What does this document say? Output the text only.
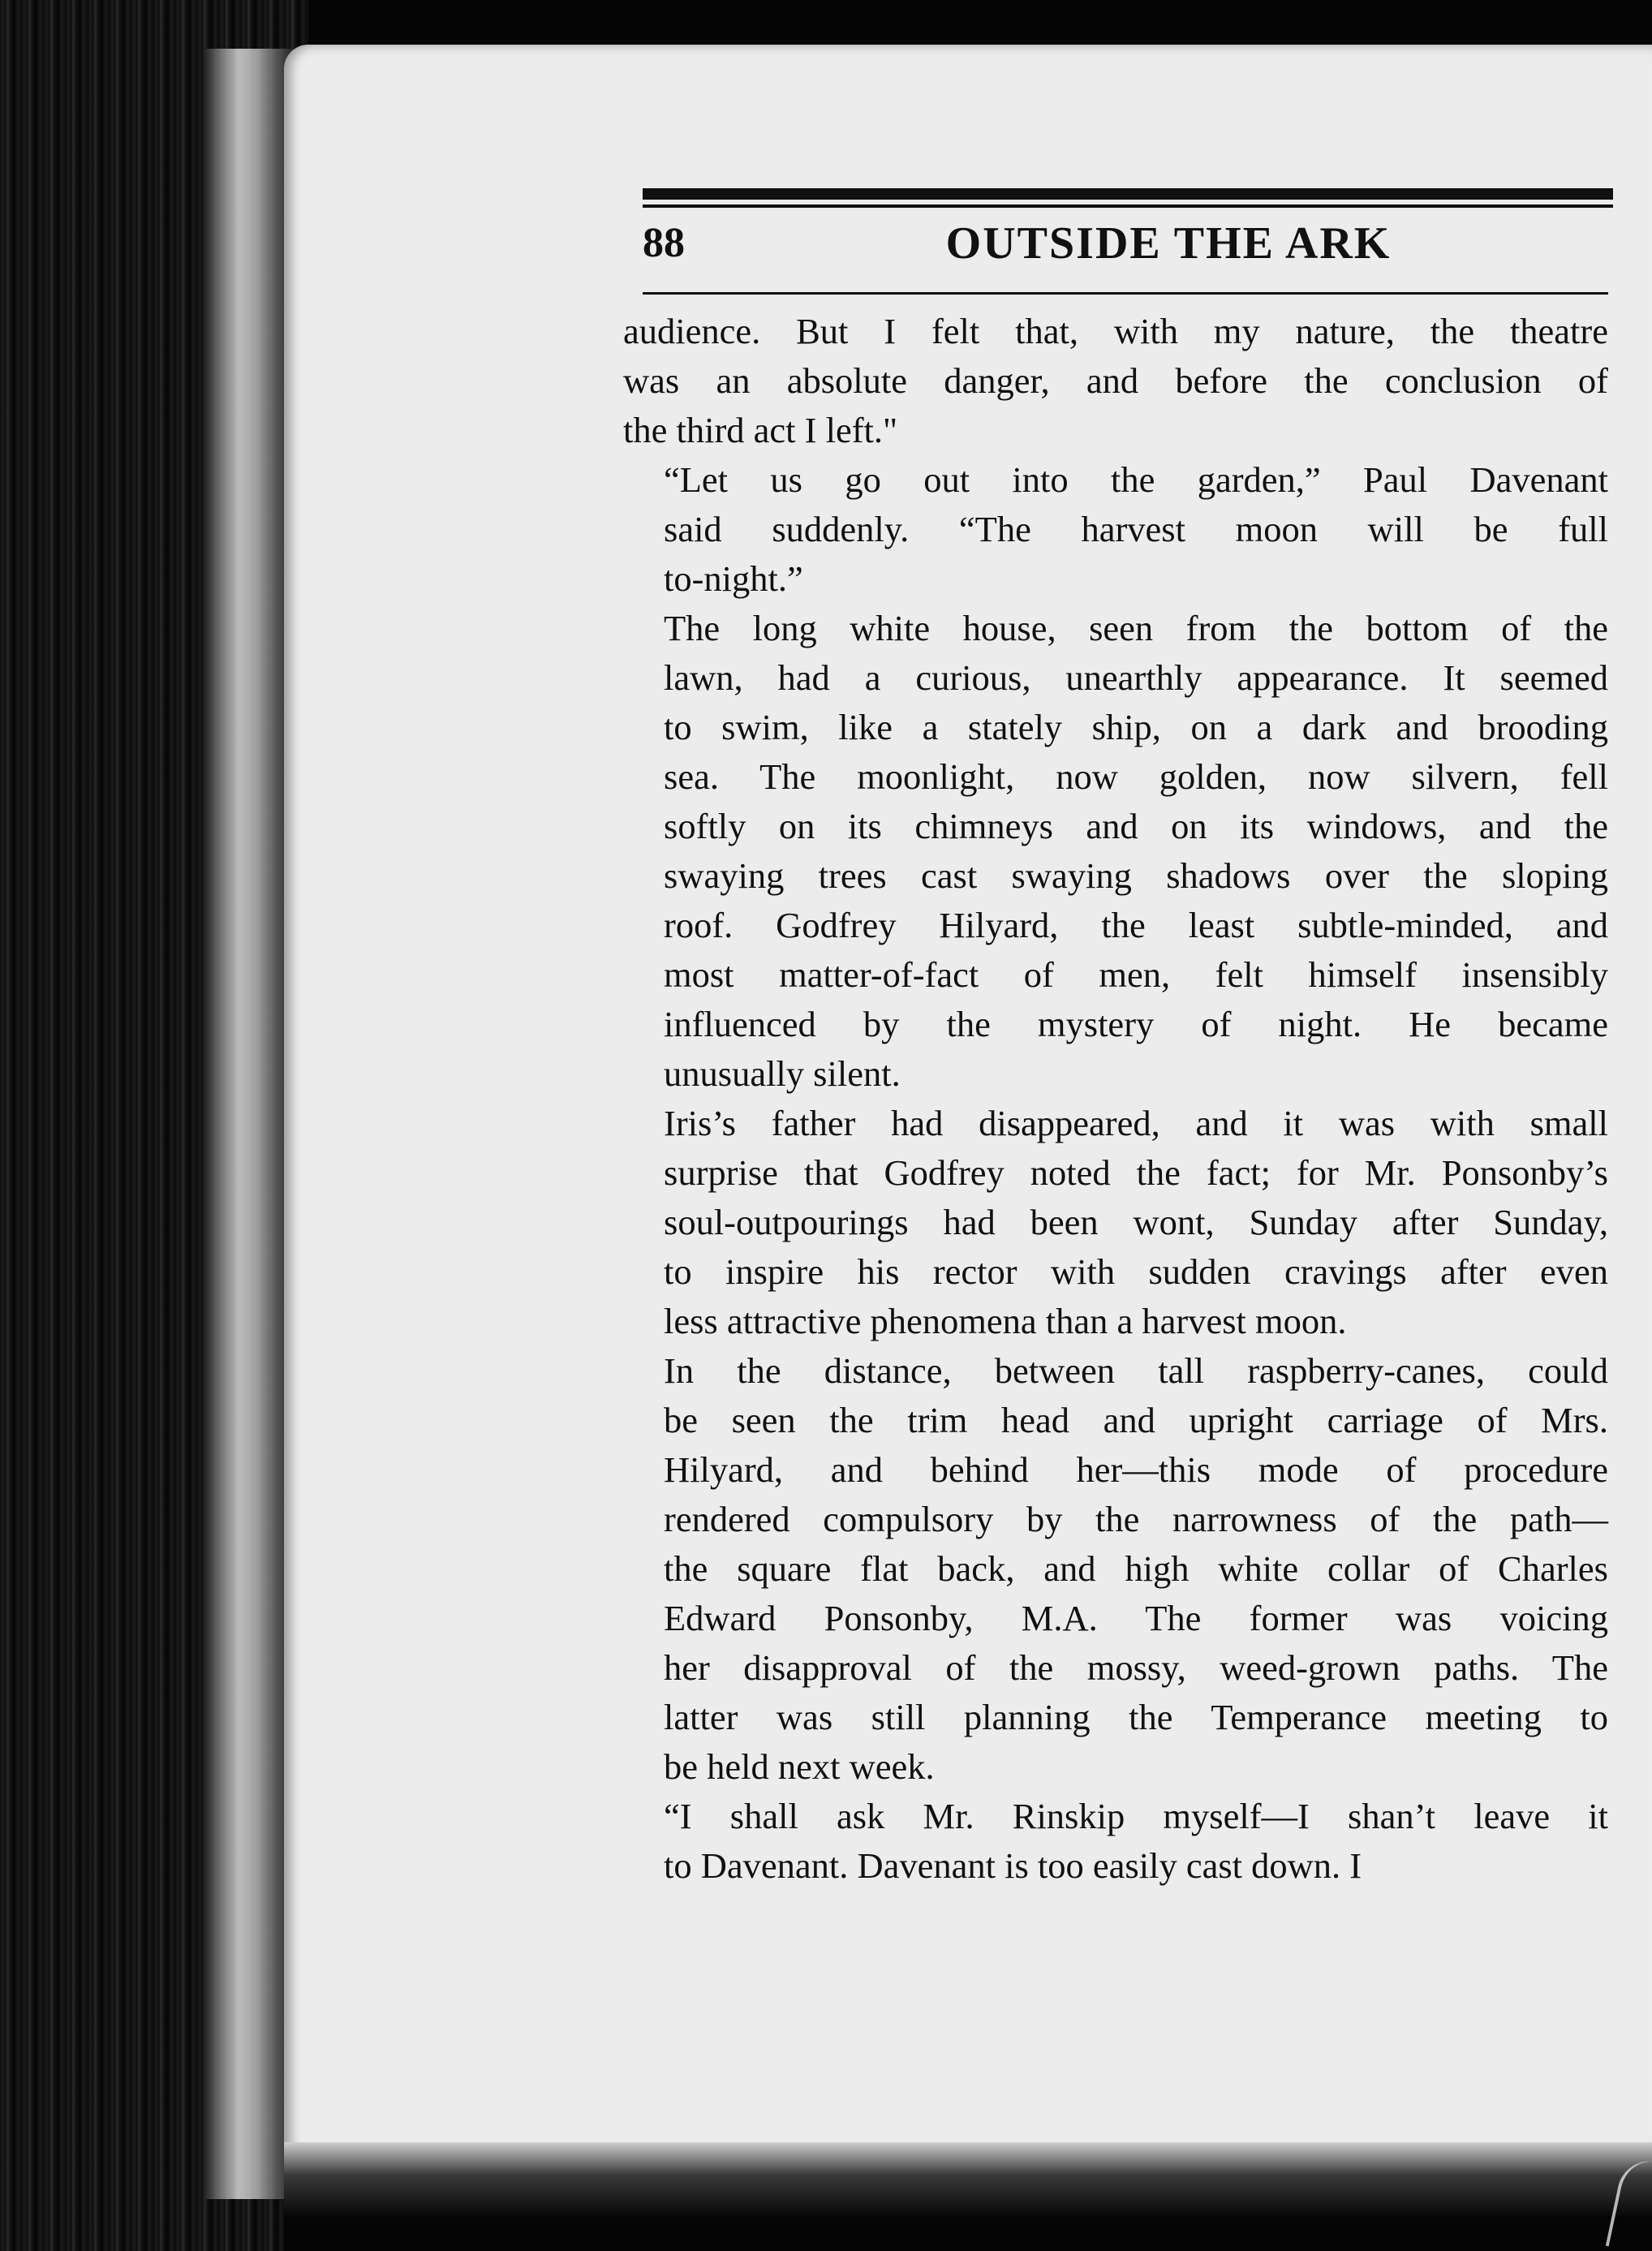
88	OUTSIDE THE ARK

audience. But I felt that, with my nature, the theatre
was an absolute danger, and before the conclusion of
the third act I left."

“Let us go out into the garden,” Paul Davenant
said suddenly. “The harvest moon will be full
to-night.”

The long white house, seen from the bottom of the
lawn, had a curious, unearthly appearance. It seemed
to swim, like a stately ship, on a dark and brooding
sea. The moonlight, now golden, now silvern, fell
softly on its chimneys and on its windows, and the
swaying trees cast swaying shadows over the sloping
roof. Godfrey Hilyard, the least subtle-minded, and
most matter-of-fact of men, felt himself insensibly
influenced by the mystery of night. He became
unusually silent.

Iris’s father had disappeared, and it was with small
surprise that Godfrey noted the fact; for Mr. Ponsonby’s
soul-outpourings had been wont, Sunday after Sunday,
to inspire his rector with sudden cravings after even
less attractive phenomena than a harvest moon.

In the distance, between tall raspberry-canes, could
be seen the trim head and upright carriage of Mrs.
Hilyard, and behind her—this mode of procedure
rendered compulsory by the narrowness of the path—
the square flat back, and high white collar of Charles
Edward Ponsonby, M.A. The former was voicing
her disapproval of the mossy, weed-grown paths. The
latter was still planning the Temperance meeting to
be held next week.

“I shall ask Mr. Rinskip myself—I shan’t leave it
to Davenant. Davenant is too easily cast down. I
